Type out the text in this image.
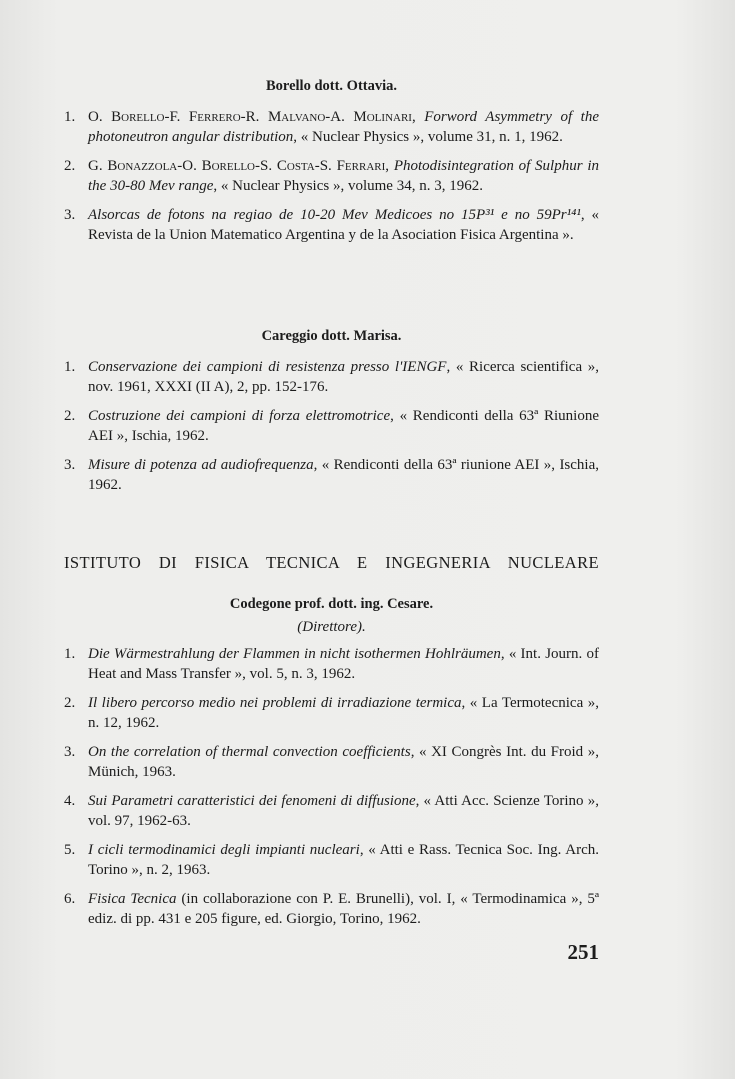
Borello dott. Ottavia.
1. O. Borello-F. Ferrero-R. Malvano-A. Molinari, Forword Asymmetry of the photoneutron angular distribution, « Nuclear Physics », volume 31, n. 1, 1962.
2. G. Bonazzola-O. Borello-S. Costa-S. Ferrari, Photodisintegration of Sulphur in the 30-80 Mev range, « Nuclear Physics », volume 34, n. 3, 1962.
3. Alsorcas de fotons na regiao de 10-20 Mev Medicoes no 15P³¹ e no 59Pr¹⁴¹, « Revista de la Union Matematico Argentina y de la Asociation Fisica Argentina ».
Careggio dott. Marisa.
1. Conservazione dei campioni di resistenza presso l'IENGF, « Ricerca scientifica », nov. 1961, XXXI (II A), 2, pp. 152-176.
2. Costruzione dei campioni di forza elettromotrice, « Rendiconti della 63ª Riunione AEI », Ischia, 1962.
3. Misure di potenza ad audiofrequenza, « Rendiconti della 63ª riunione AEI », Ischia, 1962.
ISTITUTO DI FISICA TECNICA E INGEGNERIA NUCLEARE
Codegone prof. dott. ing. Cesare.
(Direttore).
1. Die Wärmestrahlung der Flammen in nicht isothermen Hohlräumen, « Int. Journ. of Heat and Mass Transfer », vol. 5, n. 3, 1962.
2. Il libero percorso medio nei problemi di irradiazione termica, « La Termotecnica », n. 12, 1962.
3. On the correlation of thermal convection coefficients, « XI Congrès Int. du Froid », Münich, 1963.
4. Sui Parametri caratteristici dei fenomeni di diffusione, « Atti Acc. Scienze Torino », vol. 97, 1962-63.
5. I cicli termodinamici degli impianti nucleari, « Atti e Rass. Tecnica Soc. Ing. Arch. Torino », n. 2, 1963.
6. Fisica Tecnica (in collaborazione con P. E. Brunelli), vol. I, « Termodinamica », 5ª ediz. di pp. 431 e 205 figure, ed. Giorgio, Torino, 1962.
251
